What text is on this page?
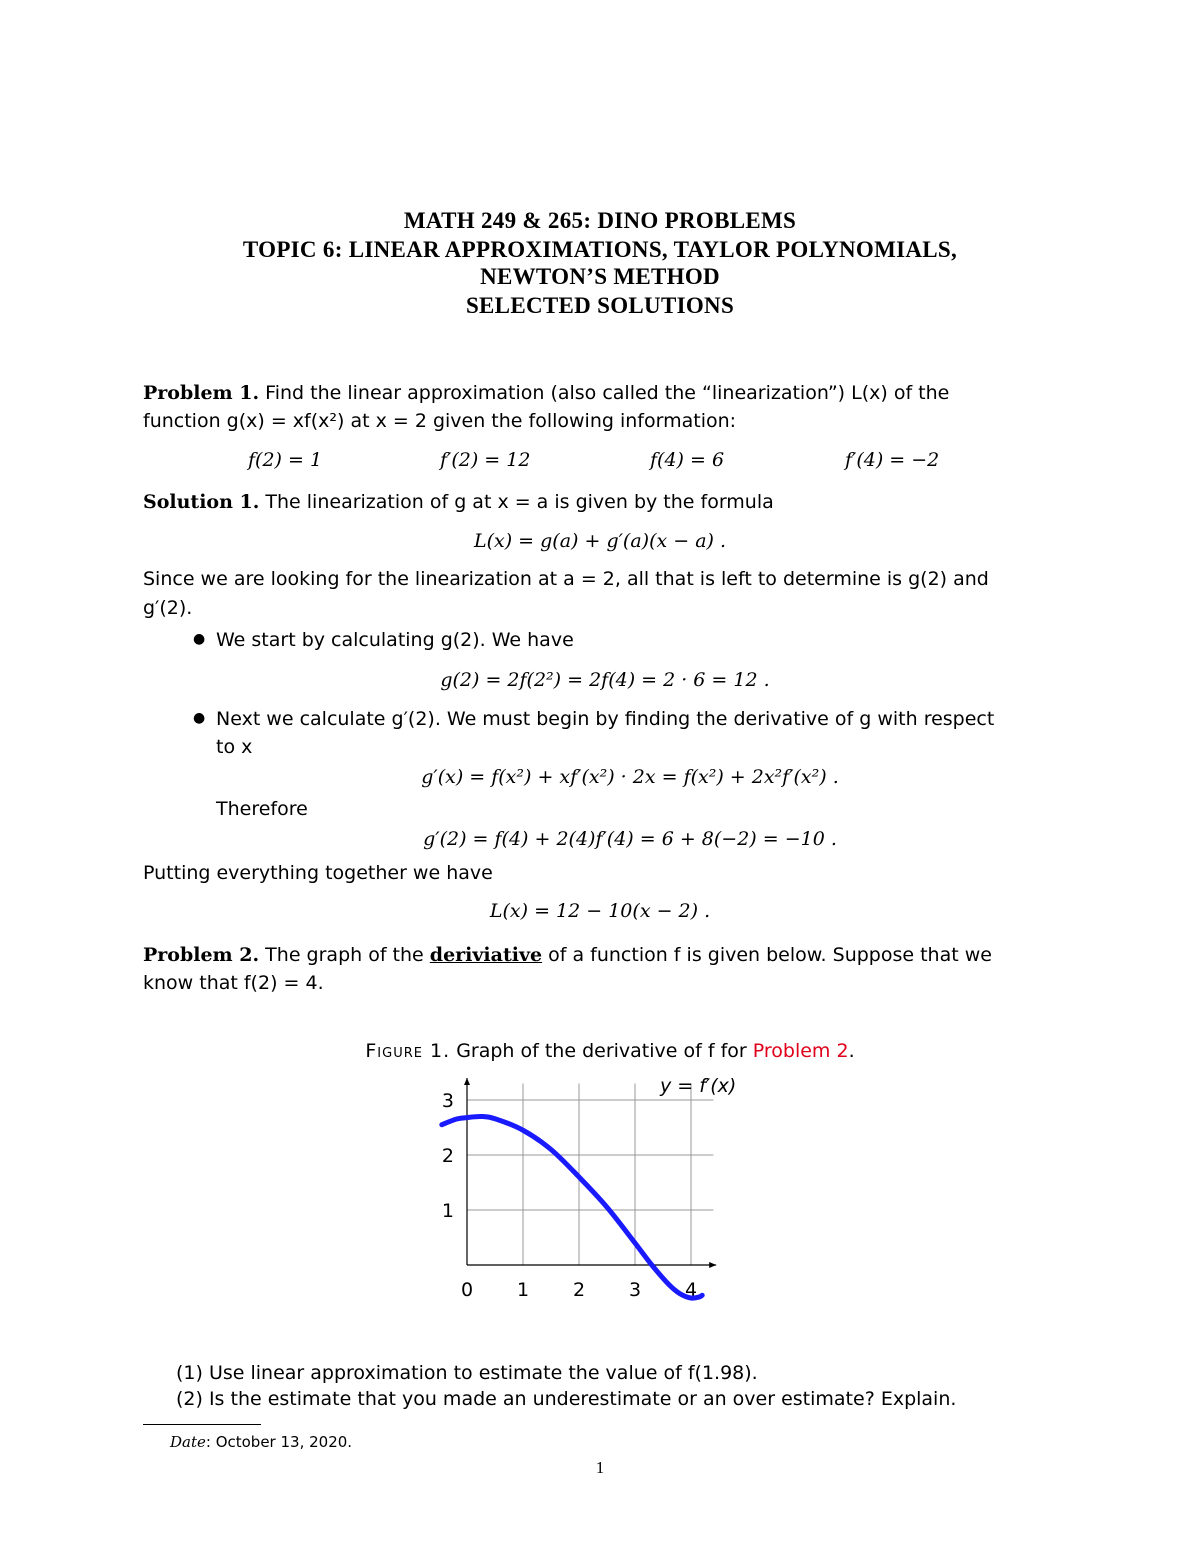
MATH 249 & 265: DINO PROBLEMS
TOPIC 6: LINEAR APPROXIMATIONS, TAYLOR POLYNOMIALS,
NEWTON’S METHOD
SELECTED SOLUTIONS
Problem 1. Find the linear approximation (also called the “linearization”) L(x) of the
function g(x) = xf(x²) at x = 2 given the following information:
f(2) = 1	f′(2) = 12	f(4) = 6	f′(4) = −2
Solution 1. The linearization of g at x = a is given by the formula
L(x) = g(a) + g′(a)(x − a) .
Since we are looking for the linearization at a = 2, all that is left to determine is g(2) and
g′(2).
● We start by calculating g(2). We have
g(2) = 2f(2²) = 2f(4) = 2 · 6 = 12 .
● Next we calculate g′(2). We must begin by finding the derivative of g with respect
to x
g′(x) = f(x²) + xf′(x²) · 2x = f(x²) + 2x²f′(x²) .
Therefore
g′(2) = f(4) + 2(4)f′(4) = 6 + 8(−2) = −10 .
Putting everything together we have
L(x) = 12 − 10(x − 2) .
Problem 2. The graph of the deriviative of a function f is given below. Suppose that we
know that f(2) = 4.
Figure 1. Graph of the derivative of f for Problem 2.
0 1 2 3 4
1
2
3
y = f′(x)
(1) Use linear approximation to estimate the value of f(1.98).
(2) Is the estimate that you made an underestimate or an over estimate? Explain.
Date: October 13, 2020.
1
